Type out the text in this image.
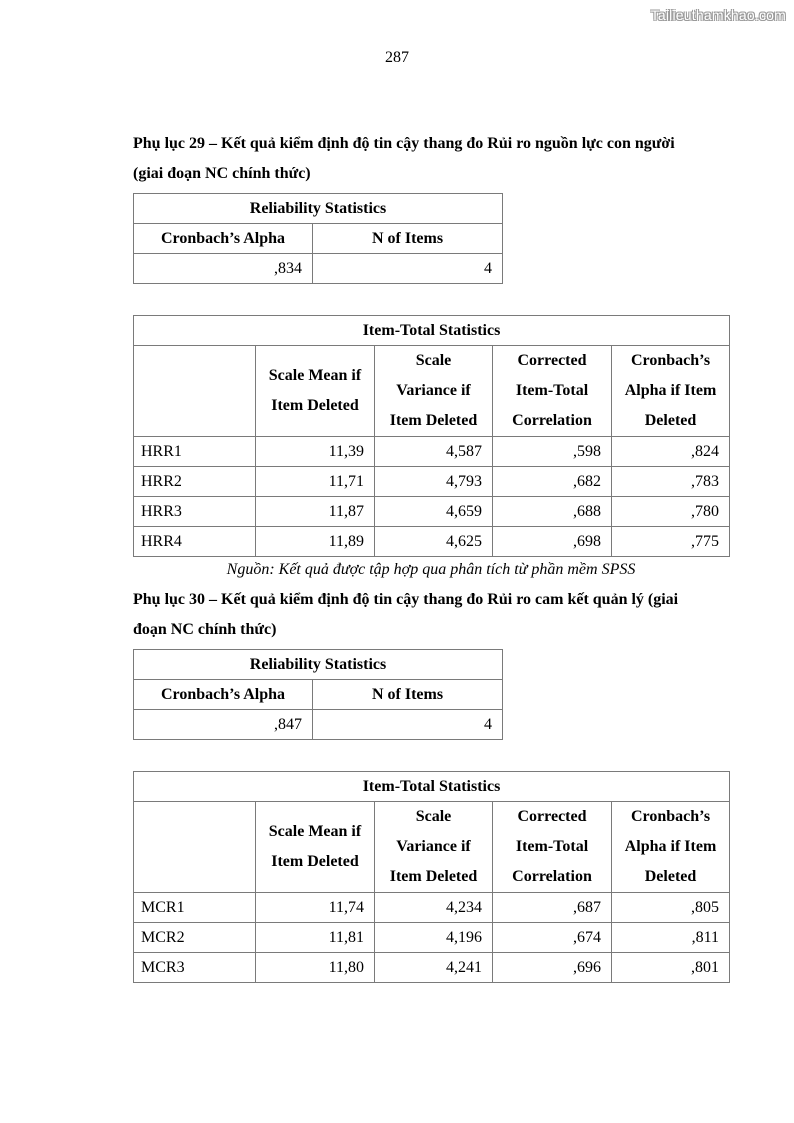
Tailieuthamkhao.com
287
Phụ lục 29 – Kết quả kiểm định độ tin cậy thang đo Rủi ro nguồn lực con người
(giai đoạn NC chính thức)
Reliability Statistics	
Cronbach’s Alpha	N of Items
,834	4
Item-Total Statistics				
	Scale Mean if Item Deleted	Scale Variance if Item Deleted	Corrected Item-Total Correlation	Cronbach’s Alpha if Item Deleted
HRR1	11,39	4,587	,598	,824
HRR2	11,71	4,793	,682	,783
HRR3	11,87	4,659	,688	,780
HRR4	11,89	4,625	,698	,775
Nguồn: Kết quả được tập hợp qua phân tích từ phần mềm SPSS
Phụ lục 30 – Kết quả kiểm định độ tin cậy thang đo Rủi ro cam kết quản lý (giai
đoạn NC chính thức)
Reliability Statistics	
Cronbach’s Alpha	N of Items
,847	4
Item-Total Statistics				
	Scale Mean if Item Deleted	Scale Variance if Item Deleted	Corrected Item-Total Correlation	Cronbach’s Alpha if Item Deleted
MCR1	11,74	4,234	,687	,805
MCR2	11,81	4,196	,674	,811
MCR3	11,80	4,241	,696	,801
